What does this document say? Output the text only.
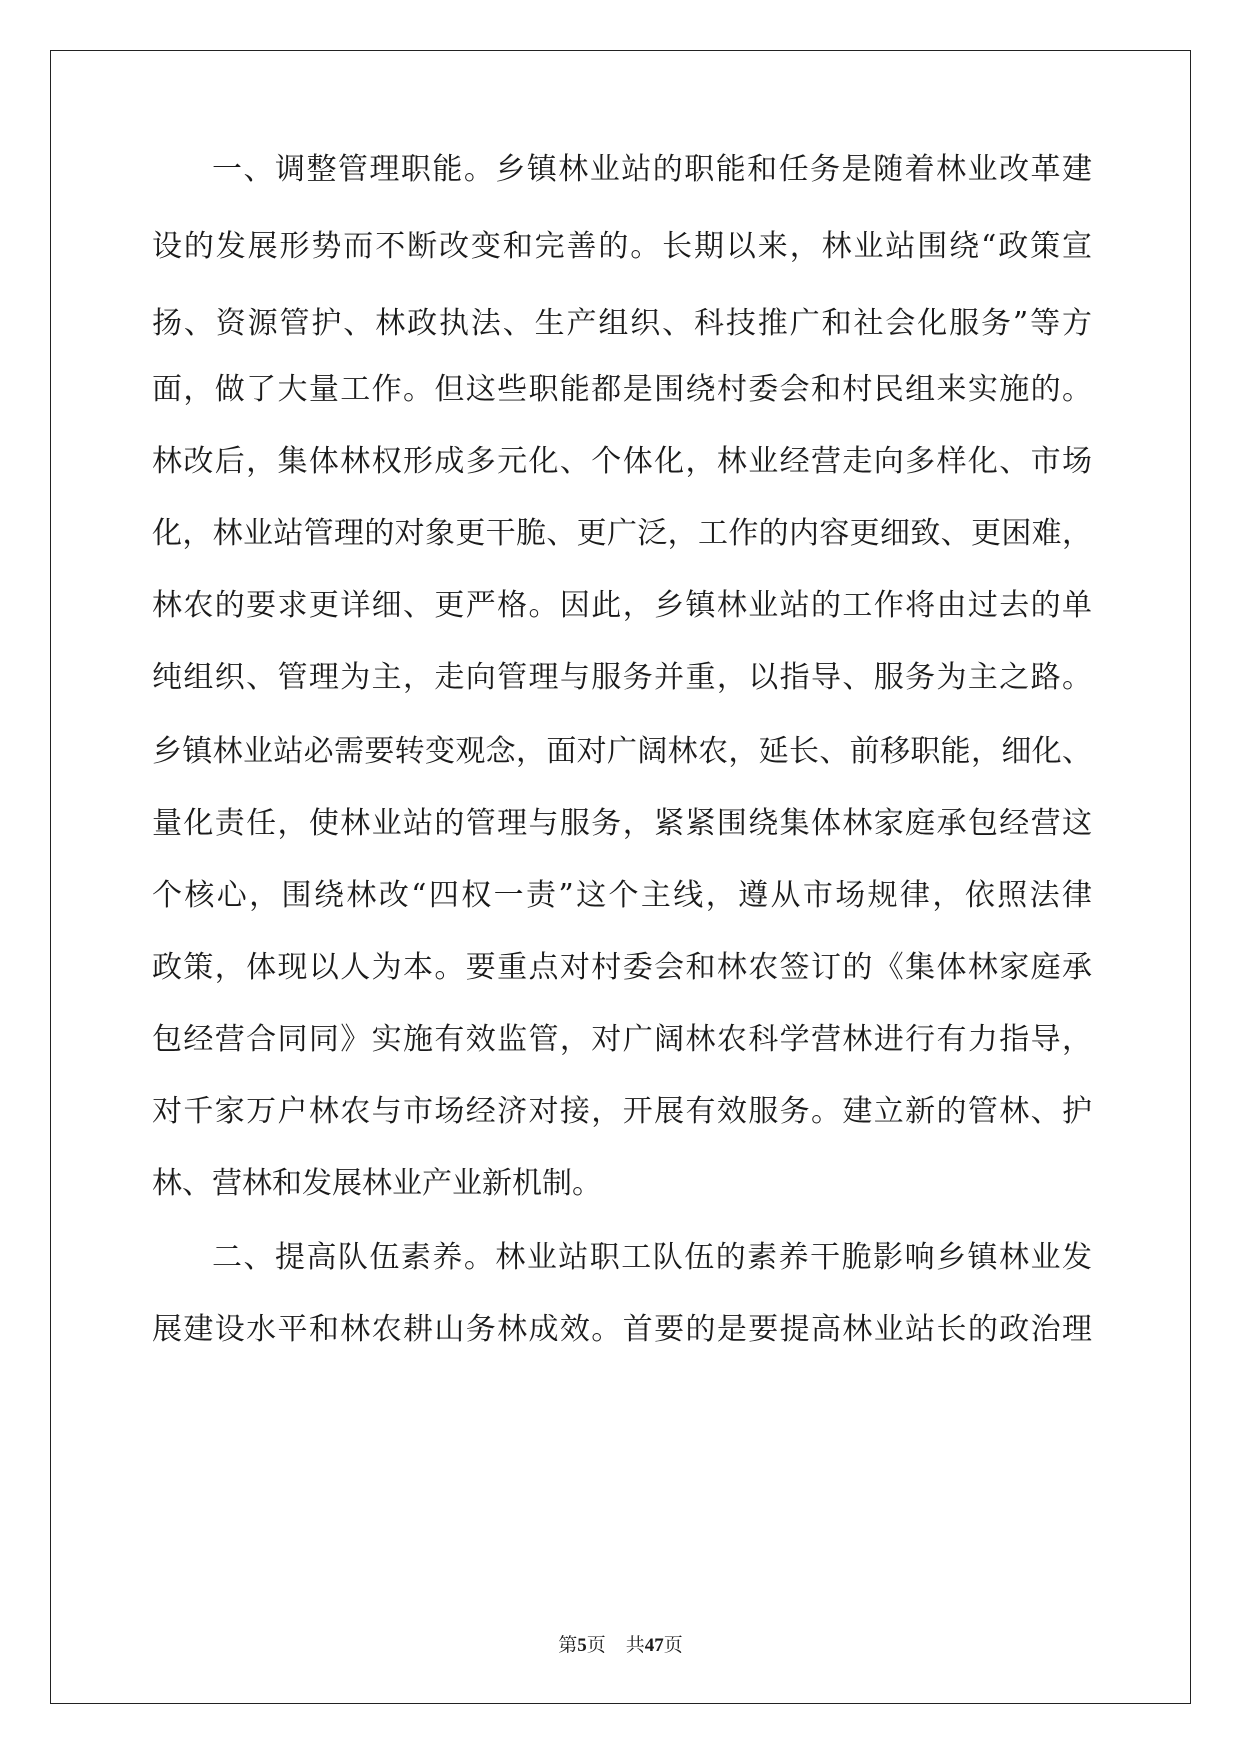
一、调整管理职能。乡镇林业站的职能和任务是随着林业改革建
设的发展形势而不断改变和完善的。长期以来，林业站围绕“政策宣
扬、资源管护、林政执法、生产组织、科技推广和社会化服务”等方
面，做了大量工作。但这些职能都是围绕村委会和村民组来实施的。
林改后，集体林权形成多元化、个体化，林业经营走向多样化、市场
化，林业站管理的对象更干脆、更广泛，工作的内容更细致、更困难，
林农的要求更详细、更严格。因此，乡镇林业站的工作将由过去的单
纯组织、管理为主，走向管理与服务并重，以指导、服务为主之路。
乡镇林业站必需要转变观念，面对广阔林农，延长、前移职能，细化、
量化责任，使林业站的管理与服务，紧紧围绕集体林家庭承包经营这
个核心，围绕林改“四权一责”这个主线，遵从市场规律，依照法律
政策，体现以人为本。要重点对村委会和林农签订的《集体林家庭承
包经营合同同》实施有效监管，对广阔林农科学营林进行有力指导，
对千家万户林农与市场经济对接，开展有效服务。建立新的管林、护
林、营林和发展林业产业新机制。
二、提高队伍素养。林业站职工队伍的素养干脆影响乡镇林业发
展建设水平和林农耕山务林成效。首要的是要提高林业站长的政治理
第5页 共47页
